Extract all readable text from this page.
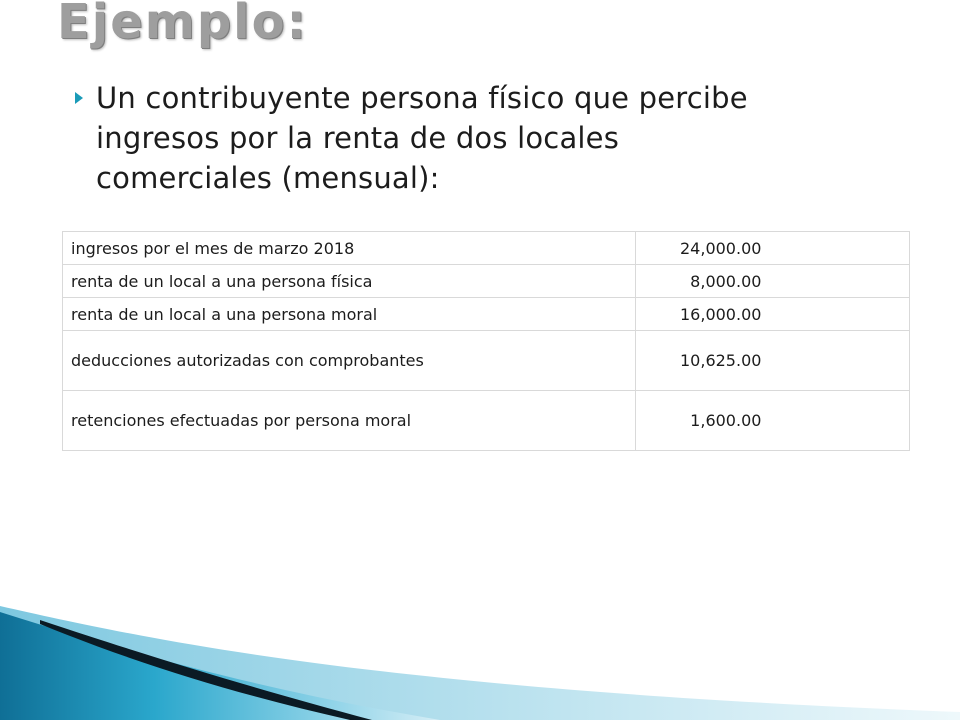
Ejemplo:
Un contribuyente persona físico que percibe
ingresos por la renta de dos locales
comerciales (mensual):
ingresos por el mes de marzo 2018	24,000.00
renta de un local a una persona física	8,000.00
renta de un local a una persona moral	16,000.00
deducciones autorizadas con comprobantes	10,625.00
retenciones efectuadas por persona moral	1,600.00
